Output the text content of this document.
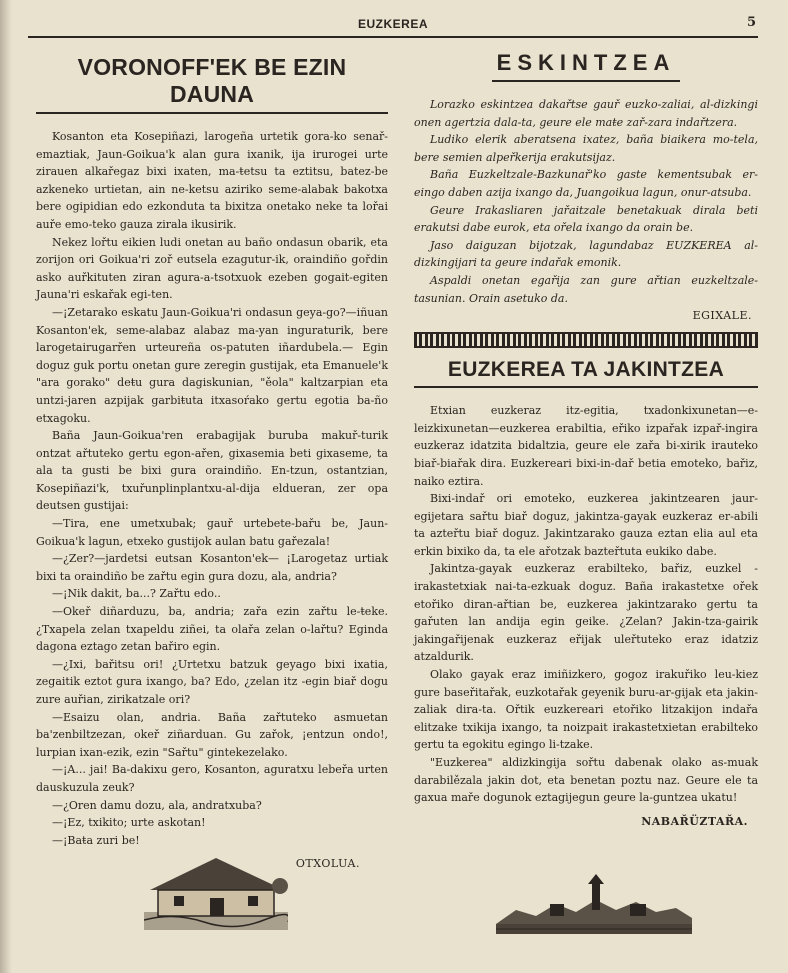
EUZKEREA	5
VORONOFF'EK BE EZIN DAUNA

Kosanton eta Kosepiñazi, larogeña urtetik gora-ko senař-emaztiak, Jaun-Goikua'k alan gura ixanik, ija irurogei urte zirauen alkařegaz bixi ixaten, ma-ŧetsu ta eztitsu, batez-be azkeneko urtietan, ain ne-ketsu aziriko seme-alabak bakotxa bere ogipidian edo ezkonduta ta bixitza onetako neke ta lořai auře emo-teko gauza zirala ikusirik.

Nekez lořtu eikien ludi onetan au baño ondasun obarik, eta zorijon ori Goikua'ri zoř eutsela ezagutur-ik, oraindiño gořdin asko auřkituten ziran agura-a-tsotxuok ezeben gogait-egiten Jauna'ri eskařak egi-ten.

—¡Zetarako eskatu Jaun-Goikua'ri ondasun geya-go?—iñuan Kosanton'ek, seme-alabaz alabaz ma-yan inguraturik, bere larogetairugarřen urteureña os-patuten iñardubela.— Egin doguz guk portu onetan gure zeregin gustijak, eta Emanuele'k "ara gorako" deŧu gura dagiskunian, "ěola" kaltzarpian eta untzi-jaren azpijak garbiŧuta itxasoŕako gertu egotia ba-ño etxagoku.

Baña Jaun-Goikua'ren erabagijak buruba makuř-turik ontzat ařtuteko gertu egon-ařen, gixasemia beti gixaseme, ta ala ta gusti be bixi gura oraindiño. En-tzun, ostantzian, Kosepiñazi'k, txuřunplinplantxu-al-dija eldueran, zer opa deutsen gustijai:

—Tira, ene umetxubak; gauř urtebete-bařu be, Jaun-Goikua'k lagun, etxeko gustijok aulan batu gařezala!

—¿Zer?—jardetsi eutsan Kosanton'ek— ¡Larogetaz urtiak bixi ta oraindiño be zařtu egin gura dozu, ala, andria?

—¡Nik dakit, ba...? Zařtu edo..

—Okeř diñarduzu, ba, andria; zařa ezin zařtu le-ŧeke. ¿Txapela zelan txapeldu ziñei, ta olařa zelan o-lařtu? Eginda dagona eztago zetan bařiro egin.

—¿Ixi, bařitsu ori! ¿Urtetxu batzuk geyago bixi ixatia, zegaitik eztot gura ixango, ba? Edo, ¿zelan itz -egin biař dogu zure auřian, zirikatzale ori?

—Esaizu olan, andria. Baña zařtuteko asmuetan ba'zenbiltzezan, okeř ziñarduan. Gu zařok, ¡entzun ondo!, lurpian ixan-ezik, ezin "Sařtu" gintekezelako.

—¡A... jai! Ba-dakixu gero, Kosanton, aguratxu lebeřa urten dauskuzula zeuk?

—¿Oren damu dozu, ala, andratxuba?

—¡Ez, txikito; urte askotan!

—¡Baŧa zuri be!

OTXOLUA.

ESKINTZEA

Lorazko eskintzea dakařtse gauř euzko-zaliai, al-dizkingi onen agertzia dala-ta, geure ele maŧe zař-zara indařtzera.

Ludiko elerik aberatsena ixatez, baña biaikera mo-tela, bere semien alpeřkerija erakutsijaz.

Baña Euzkeltzale-Bazkunař'ko gaste kementsubak er-eingo daben azija ixango da, Juangoikua lagun, onur-atsuba.

Geure Irakasliaren jařaitzale benetakuak dirala beti erakutsi dabe eurok, eta ořela ixango da orain be.

Jaso daiguzan bijotzak, lagundabaz EUZKEREA al-dizkingijari ta geure indařak emonik.

Aspaldi onetan egařija zan gure ařtian euzkeltzale-tasunian. Orain asetuko da.

EGIXALE.

EUZKEREA TA JAKINTZEA

Etxian euzkeraz itz-egitia, txadonkixunetan—e-leizkixunetan—euzkerea erabiltia, eřiko izpařak izpař-ingira euzkeraz idatzita bidaltzia, geure ele zařa bi-xirik irauteko biař-biařak dira. Euzkereari bixi-in-dař betia emoteko, bařiz, naiko eztira.

Bixi-indař ori emoteko, euzkerea jakintzearen jaur-egijetara sařtu biař doguz, jakintza-gayak euzkeraz er-abili ta azteřtu biař doguz. Jakintzarako gauza eztan elia aul eta erkin bixiko da, ta ele ařotzak bazteřtuta eukiko dabe.

Jakintza-gayak euzkeraz erabilteko, bařiz, euzkel -irakastetxiak nai-ta-ezkuak doguz. Baña irakastetxe ořek etořiko diran-ařtian be, euzkerea jakintzarako gertu ta gařuten lan andija egin geike. ¿Zelan? Jakin-tza-gairik jakingařijenak euzkeraz eřijak uleřtuteko eraz idatziz atzaldurik.

Olako gayak eraz imiñizkero, gogoz irakuřiko leu-kiez gure baseřitařak, euzkotařak geyenik buru-ar-gijak eta jakin-zaliak dira-ta. Ořtik euzkereari etořiko litzakijon indařa elitzake txikija ixango, ta noizpait irakastetxietan erabilteko gertu ta egokitu egingo li-tzake.

"Euzkerea" aldizkingija sořtu dabenak olako as-muak darabilězala jakin dot, eta benetan poztu naz. Geure ele ta gaxua maře dogunok eztagijegun geure la-guntzea ukatu!

NABAŘÜZTAŘA.
